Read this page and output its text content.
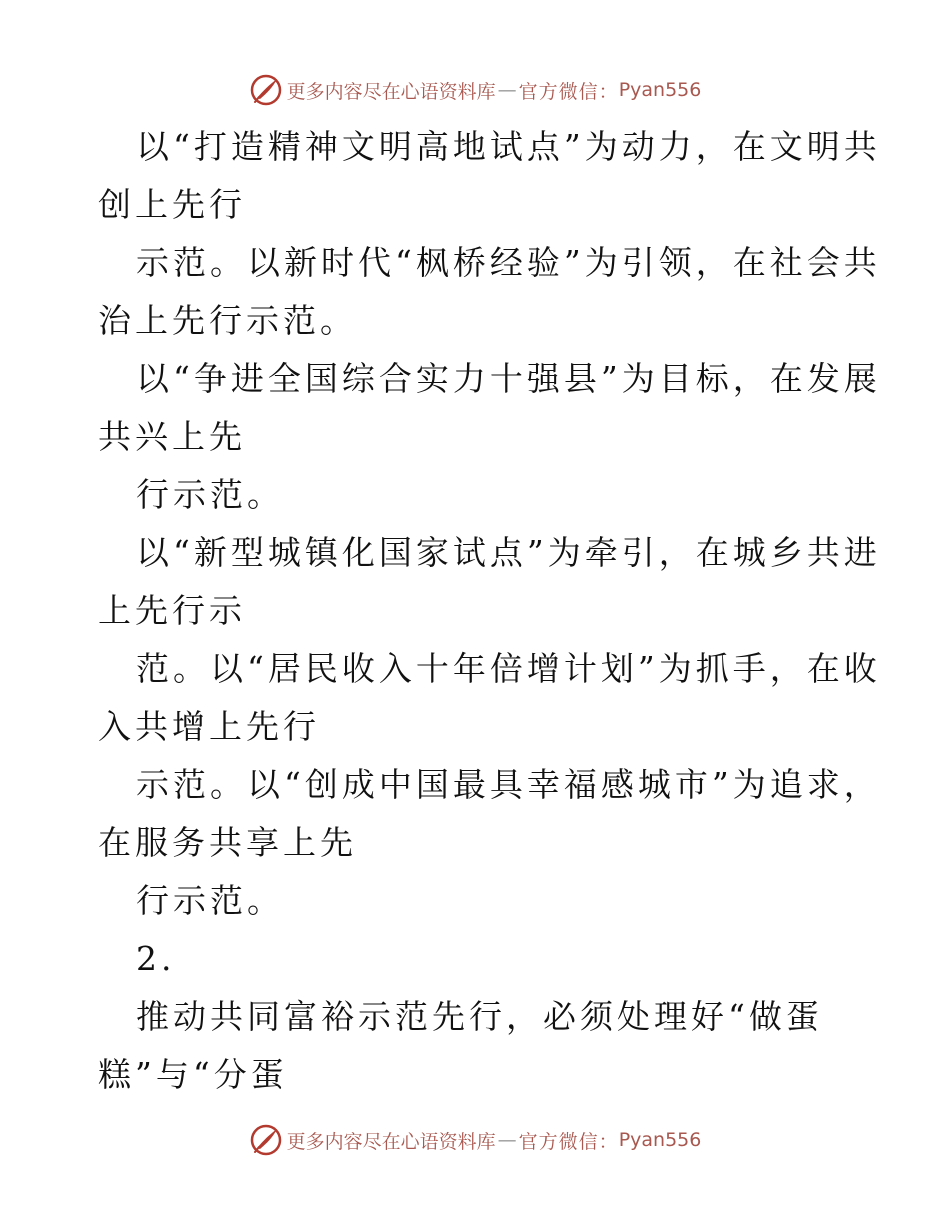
更多内容尽在心语资料库 — 官方微信： Pyan556
以“打造精神文明高地试点”为动力，在文明共
创上先行
示范。以新时代“枫桥经验”为引领，在社会共
治上先行示范。
以“争进全国综合实力十强县”为目标，在发展
共兴上先
行示范。
以“新型城镇化国家试点”为牵引，在城乡共进
上先行示
范。以“居民收入十年倍增计划”为抓手，在收
入共增上先行
示范。以“创成中国最具幸福感城市”为追求，
在服务共享上先
行示范。
2.
推动共同富裕示范先行，必须处理好“做蛋
糕”与“分蛋
更多内容尽在心语资料库 — 官方微信： Pyan556
